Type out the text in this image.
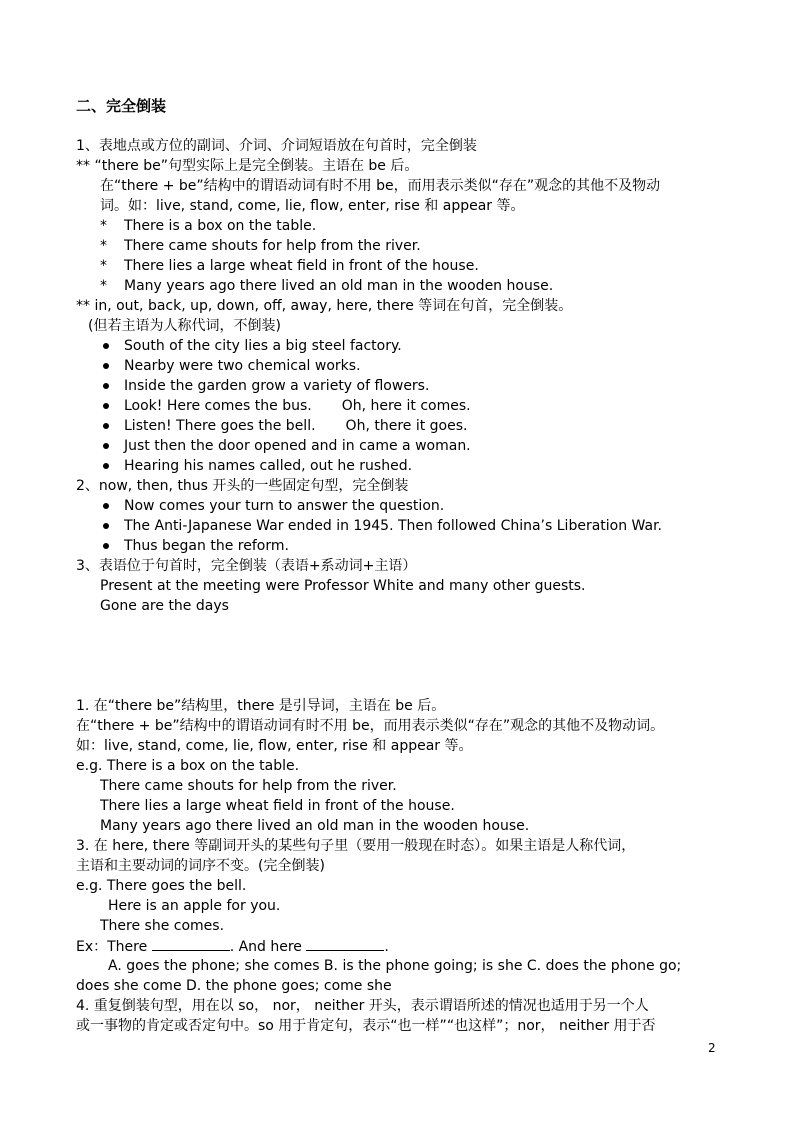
二、完全倒装
1、表地点或方位的副词、介词、介词短语放在句首时，完全倒装
** “there be”句型实际上是完全倒装。主语在 be 后。
在“there + be”结构中的谓语动词有时不用 be，而用表示类似“存在”观念的其他不及物动
词。如：live, stand, come, lie, flow, enter, rise 和 appear 等。
*	There is a box on the table.
*	There came shouts for help from the river.
*	There lies a large wheat field in front of the house.
*	Many years ago there lived an old man in the wooden house.
** in, out, back, up, down, off, away, here, there 等词在句首，完全倒装。
(但若主语为人称代词，不倒装)
South of the city lies a big steel factory.
Nearby were two chemical works.
Inside the garden grow a variety of flowers.
Look! Here comes the bus. Oh, here it comes.
Listen! There goes the bell. Oh, there it goes.
Just then the door opened and in came a woman.
Hearing his names called, out he rushed.
2、now, then, thus 开头的一些固定句型，完全倒装
Now comes your turn to answer the question.
The Anti-Japanese War ended in 1945. Then followed China’s Liberation War.
Thus began the reform.
3、表语位于句首时，完全倒装（表语+系动词+主语）
Present at the meeting were Professor White and many other guests.
Gone are the days
1. 在“there be”结构里，there 是引导词，主语在 be 后。
在“there + be”结构中的谓语动词有时不用 be，而用表示类似“存在”观念的其他不及物动词。
如：live, stand, come, lie, flow, enter, rise 和 appear 等。
e.g. There is a box on the table.
There came shouts for help from the river.
There lies a large wheat field in front of the house.
Many years ago there lived an old man in the wooden house.
3. 在 here, there 等副词开头的某些句子里（要用一般现在时态）。如果主语是人称代词，
主语和主要动词的词序不变。(完全倒装)
e.g. There goes the bell.
Here is an apple for you.
There she comes.
Ex：There	. And here	.
A. goes the phone; she comes B. is the phone going; is she C. does the phone go;
does she come D. the phone goes; come she
4. 重复倒装句型，用在以 so， nor， neither 开头，表示谓语所述的情况也适用于另一个人
或一事物的肯定或否定句中。so 用于肯定句，表示“也一样”“也这样”；nor， neither 用于否
2
